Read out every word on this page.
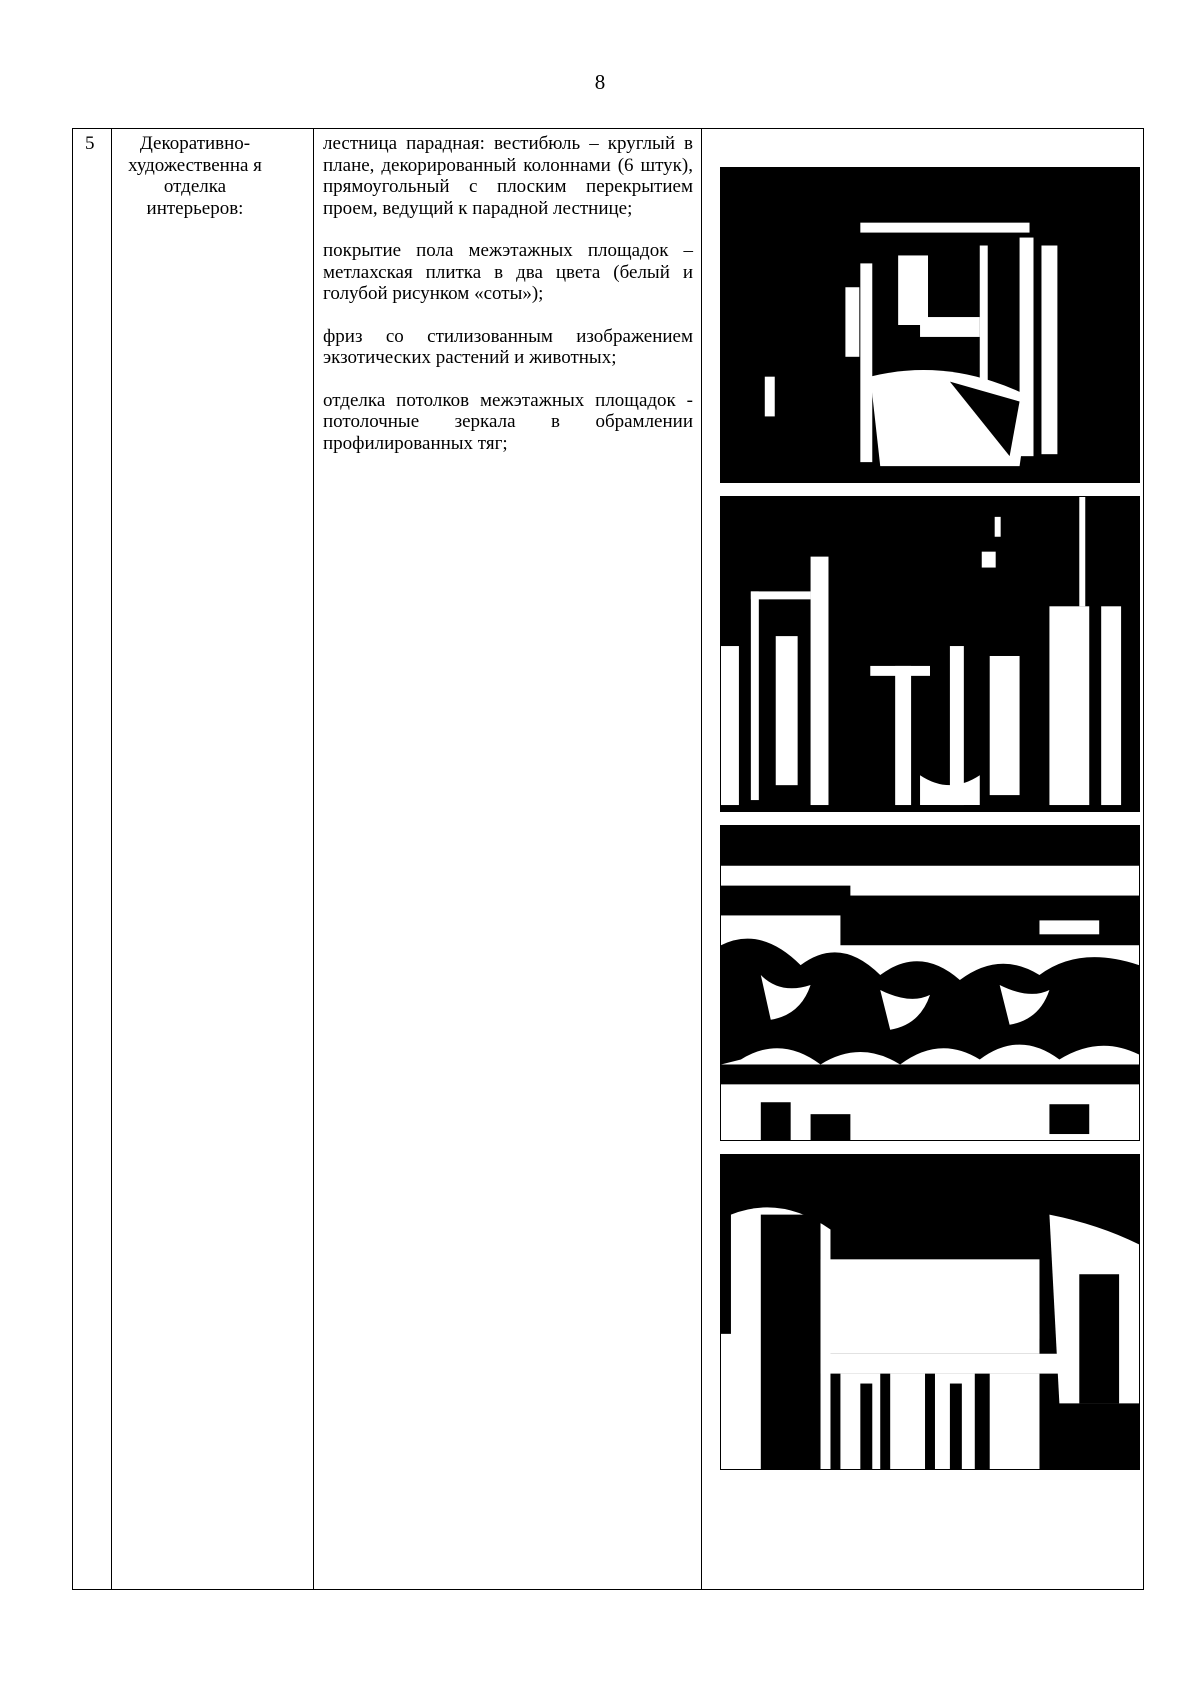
8
5	Декоративно-художественна я отделка интерьеров:

лестница парадная: вестибюль – круглый в плане, декорированный колоннами (6 штук), прямоугольный с плоским перекрытием проем, ведущий к парадной лестнице;

покрытие пола межэтажных площадок – метлахская плитка в два цвета (белый и голубой рисунком «соты»);

фриз со стилизованным изображением экзотических растений и животных;

отделка потолков межэтажных площадок - потолочные зеркала в обрамлении профилированных тяг;
